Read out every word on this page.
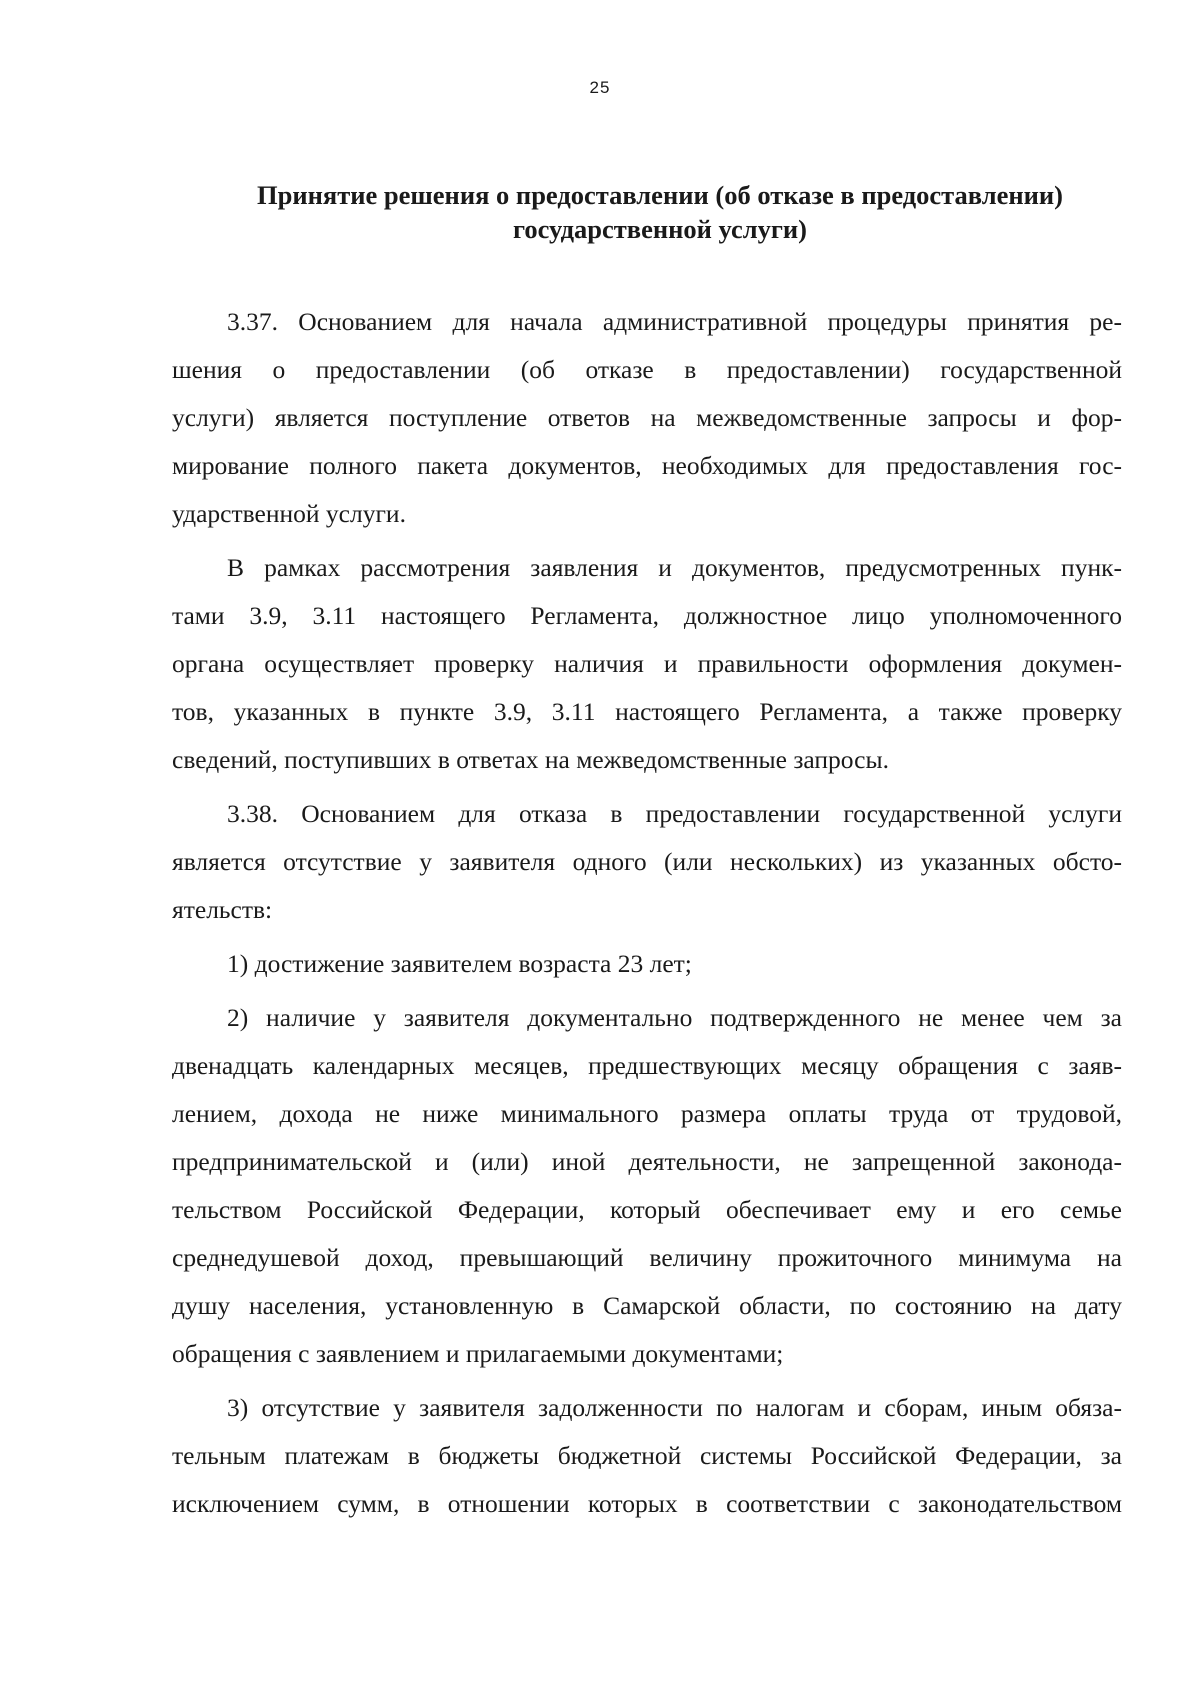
25
Принятие решения о предоставлении (об отказе в предоставлении)
государственной услуги)
3.37. Основанием для начала административной процедуры принятия ре-
шения о предоставлении (об отказе в предоставлении) государственной
услуги) является поступление ответов на межведомственные запросы и фор-
мирование полного пакета документов, необходимых для предоставления гос-
ударственной услуги.
В рамках рассмотрения заявления и документов, предусмотренных пунк-
тами 3.9, 3.11 настоящего Регламента, должностное лицо уполномоченного
органа осуществляет проверку наличия и правильности оформления докумен-
тов, указанных в пункте 3.9, 3.11 настоящего Регламента, а также проверку
сведений, поступивших в ответах на межведомственные запросы.
3.38. Основанием для отказа в предоставлении государственной услуги
является отсутствие у заявителя одного (или нескольких) из указанных обсто-
ятельств:
1) достижение заявителем возраста 23 лет;
2) наличие у заявителя документально подтвержденного не менее чем за
двенадцать календарных месяцев, предшествующих месяцу обращения с заяв-
лением, дохода не ниже минимального размера оплаты труда от трудовой,
предпринимательской и (или) иной деятельности, не запрещенной законода-
тельством Российской Федерации, который обеспечивает ему и его семье
среднедушевой доход, превышающий величину прожиточного минимума на
душу населения, установленную в Самарской области, по состоянию на дату
обращения с заявлением и прилагаемыми документами;
3) отсутствие у заявителя задолженности по налогам и сборам, иным обяза-
тельным платежам в бюджеты бюджетной системы Российской Федерации, за
исключением сумм, в отношении которых в соответствии с законодательством
